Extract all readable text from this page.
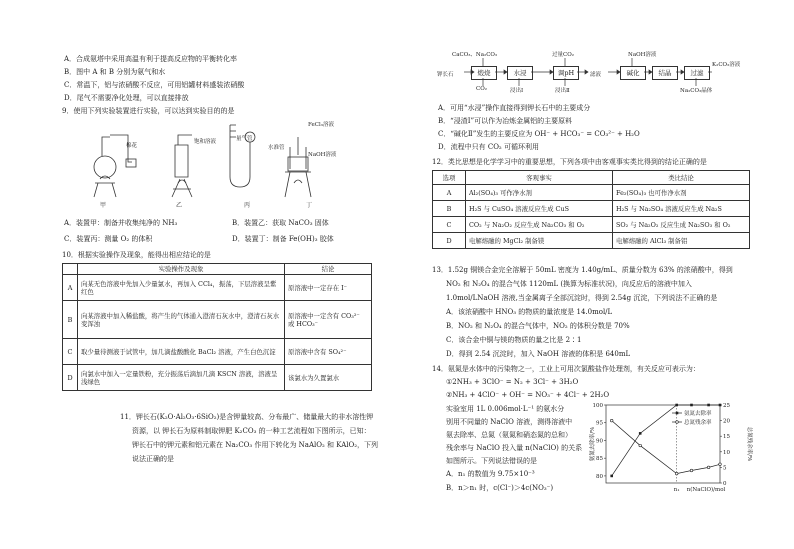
A．合成氨塔中采用高温有利于提高反应物的平衡转化率
B．图中 A 和 B 分别为氨气和水
C．常温下，铝与浓硝酸不反应，可用铝罐材料盛装浓硝酸
D．尾气不需要净化处理，可以直接排放
9．使用下列实验装置进行实验，可以达到实验目的的是
棉花
饱和溶液	量气管
水准管
FeCl₃溶液
NaOH溶液
甲	乙	丙	丁
A．装置甲：制备并收集纯净的 NH₃	B．装置乙：获取 NaCO₃ 固体
C．装置丙：测量 O₂ 的体积	D．装置丁：制备 Fe(OH)₃ 胶体
10．根据实验操作及现象，能得出相应结论的是
	实验操作及现象	结论
A	向某无色溶液中先加入少量氯水，再加入 CCl₄，振荡，下层溶液呈紫红色	原溶液中一定存在 I⁻
B	向某溶液中加入稀盐酸，将产生的气体通入澄清石灰水中，澄清石灰水变浑浊	原溶液中一定含有 CO₃²⁻ 或 HCO₃⁻
C	取少量待测液于试管中，加几滴盐酸酸化 BaCl₂ 溶液，产生白色沉淀	原溶液中含有 SO₄²⁻
D	向氯水中加入一定量铁粉，充分振荡后滴加几滴 KSCN 溶液，溶液呈浅绿色	该氯水为久置氯水
11．钾长石(K₂O·Al₂O₃·6SiO₂)是含钾量较高、分布最广、储量最大的非水溶性钾
资源，以 钾长石为原料制取钾肥 K₂CO₃ 的一种工艺流程如下图所示，已知：
钾长石中的钾元素和铝元素在 Na₂CO₃ 作用下转化为 NaAlO₂ 和 KAlO₂，下列
说法正确的是
CaCO₃、Na₂CO₃	过量CO₂	NaOH溶液
钾长石	煅烧	水浸	调pH	滤液	碱化	结晶	过滤
K₂CO₃溶液
CO₂	浸出Ⅰ	浸出Ⅱ	Na₂CO₃晶体
A．可用“水浸”操作直接得到钾长石中的主要成分
B．“浸渣Ⅰ”可以作为冶炼金属铝的主要原料
C．“碱化Ⅱ”发生的主要反应为 OH⁻ + HCO₃⁻ = CO₃²⁻ + H₂O
D．流程中只有 CO₂ 可循环利用
12．类比思想是化学学习中的重要思想，下列各项中由客观事实类比得到的结论正确的是
选项	客观事实	类比结论
A	Al₂(SO₄)₃ 可作净水剂	Fe₂(SO₄)₃ 也可作净水剂
B	H₂S 与 CuSO₄ 溶液反应生成 CuS	H₂S 与 Na₂SO₄ 溶液反应生成 Na₂S
C	CO₂ 与 Na₂O₂ 反应生成 Na₂CO₃ 和 O₂	SO₂ 与 Na₂O₂ 反应生成 Na₂SO₃ 和 O₂
D	电解熔融的 MgCl₂ 制备镁	电解熔融的 AlCl₃ 制备铝
13．1.52g 铜镁合金完全溶解于 50mL 密度为 1.40g/mL、质量分数为 63% 的浓硝酸中，得到
NO₂ 和 N₂O₄ 的混合气体 1120mL (换算为标准状况)，向反应后的溶液中加入
1.0mol/LNaOH 溶液,当金属离子全部沉淀时，得到 2.54g 沉淀，下列说法不正确的是
A．该浓硝酸中 HNO₃ 的物质的量浓度是 14.0mol/L
B．NO₂ 和 N₂O₄ 的混合气体中，NO₂ 的体积分数是 70%
C．该合金中铜与镁的物质的量之比是 2∶1
D．得到 2.54 沉淀时，加入 NaOH 溶液的体积是 640mL
14．氨氮是水体中的污染物之一，工业上可用次氯酸盐作处理剂，有关反应可表示为：
①2NH₃ + 3ClO⁻ = N₂ + 3Cl⁻ + 3H₂O
②NH₃ + 4ClO⁻ + OH⁻ = NO₃⁻ + 4Cl⁻ + 2H₂O
实验室用 1L 0.006mol·L⁻¹ 的氨水分
别用不同量的 NaClO 溶液，测得溶液中
氨去除率、总氮（氨氮和硝态氮的总和）
残余率与 NaClO 投入量 n(NaClO) 的关系
如图所示。下列说法错误的是
A．n₁ 的数值为 9.75×10⁻³
B．n＞n₁ 时，c(Cl⁻)＞4c(NO₃⁻)
80
85
90
95
100
0
5
10
15
20
25
n₁ n(NaClO)/mol
氨氮去除率/%	总氮残余率/%
氨氮去除率
总氮残余率
